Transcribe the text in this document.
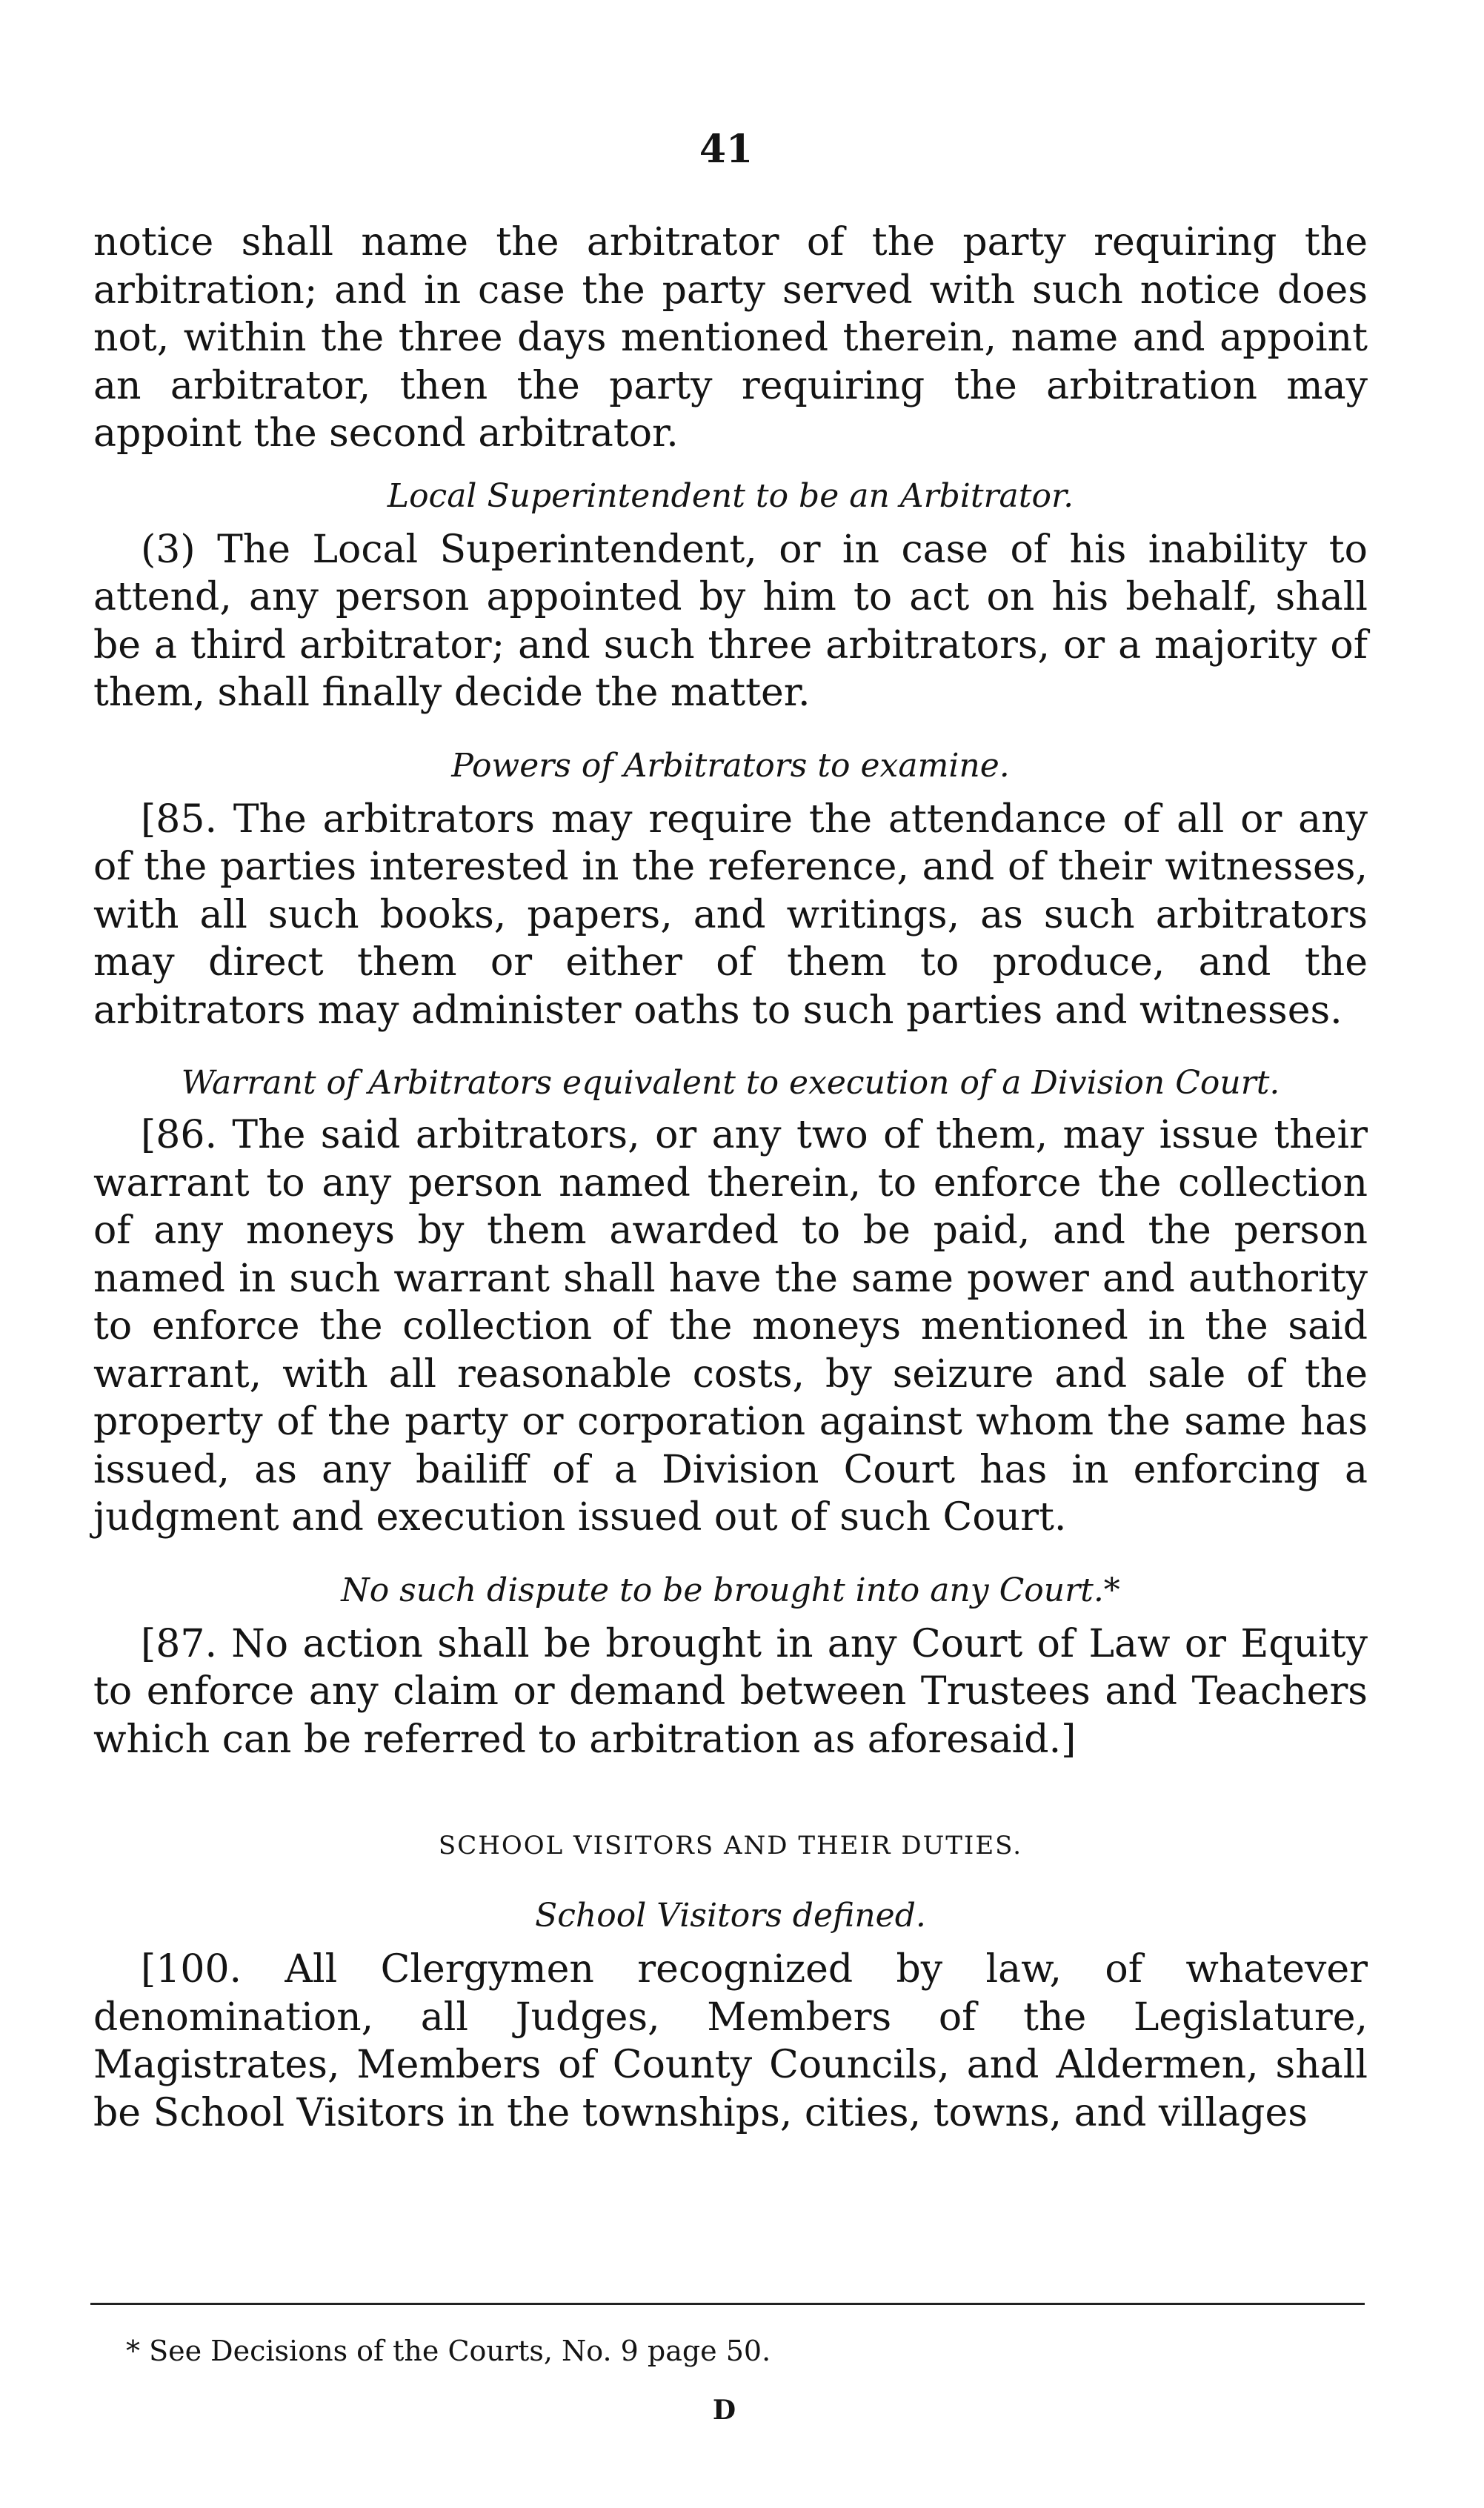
41

notice shall name the arbitrator of the party requiring the arbitration; and in case the party served with such notice does not, within the three days mentioned therein, name and appoint an arbitrator, then the party requiring the arbitration may appoint the second arbitrator.

Local Superintendent to be an Arbitrator.

(3) The Local Superintendent, or in case of his inability to attend, any person appointed by him to act on his behalf, shall be a third arbitrator; and such three arbitrators, or a majority of them, shall finally decide the matter.

Powers of Arbitrators to examine.

[85. The arbitrators may require the attendance of all or any of the parties interested in the reference, and of their witnesses, with all such books, papers, and writings, as such arbitrators may direct them or either of them to produce, and the arbitrators may administer oaths to such parties and witnesses.

Warrant of Arbitrators equivalent to execution of a Division Court.

[86. The said arbitrators, or any two of them, may issue their warrant to any person named therein, to enforce the collection of any moneys by them awarded to be paid, and the person named in such warrant shall have the same power and authority to enforce the collection of the moneys mentioned in the said warrant, with all reasonable costs, by seizure and sale of the property of the party or corporation against whom the same has issued, as any bailiff of a Division Court has in enforcing a judgment and execution issued out of such Court.

No such dispute to be brought into any Court.*

[87. No action shall be brought in any Court of Law or Equity to enforce any claim or demand between Trustees and Teachers which can be referred to arbitration as aforesaid.]

SCHOOL VISITORS AND THEIR DUTIES.

School Visitors defined.

[100. All Clergymen recognized by law, of whatever denomination, all Judges, Members of the Legislature, Magistrates, Members of County Councils, and Aldermen, shall be School Visitors in the townships, cities, towns, and villages

* See Decisions of the Courts, No. 9 page 50.
D
